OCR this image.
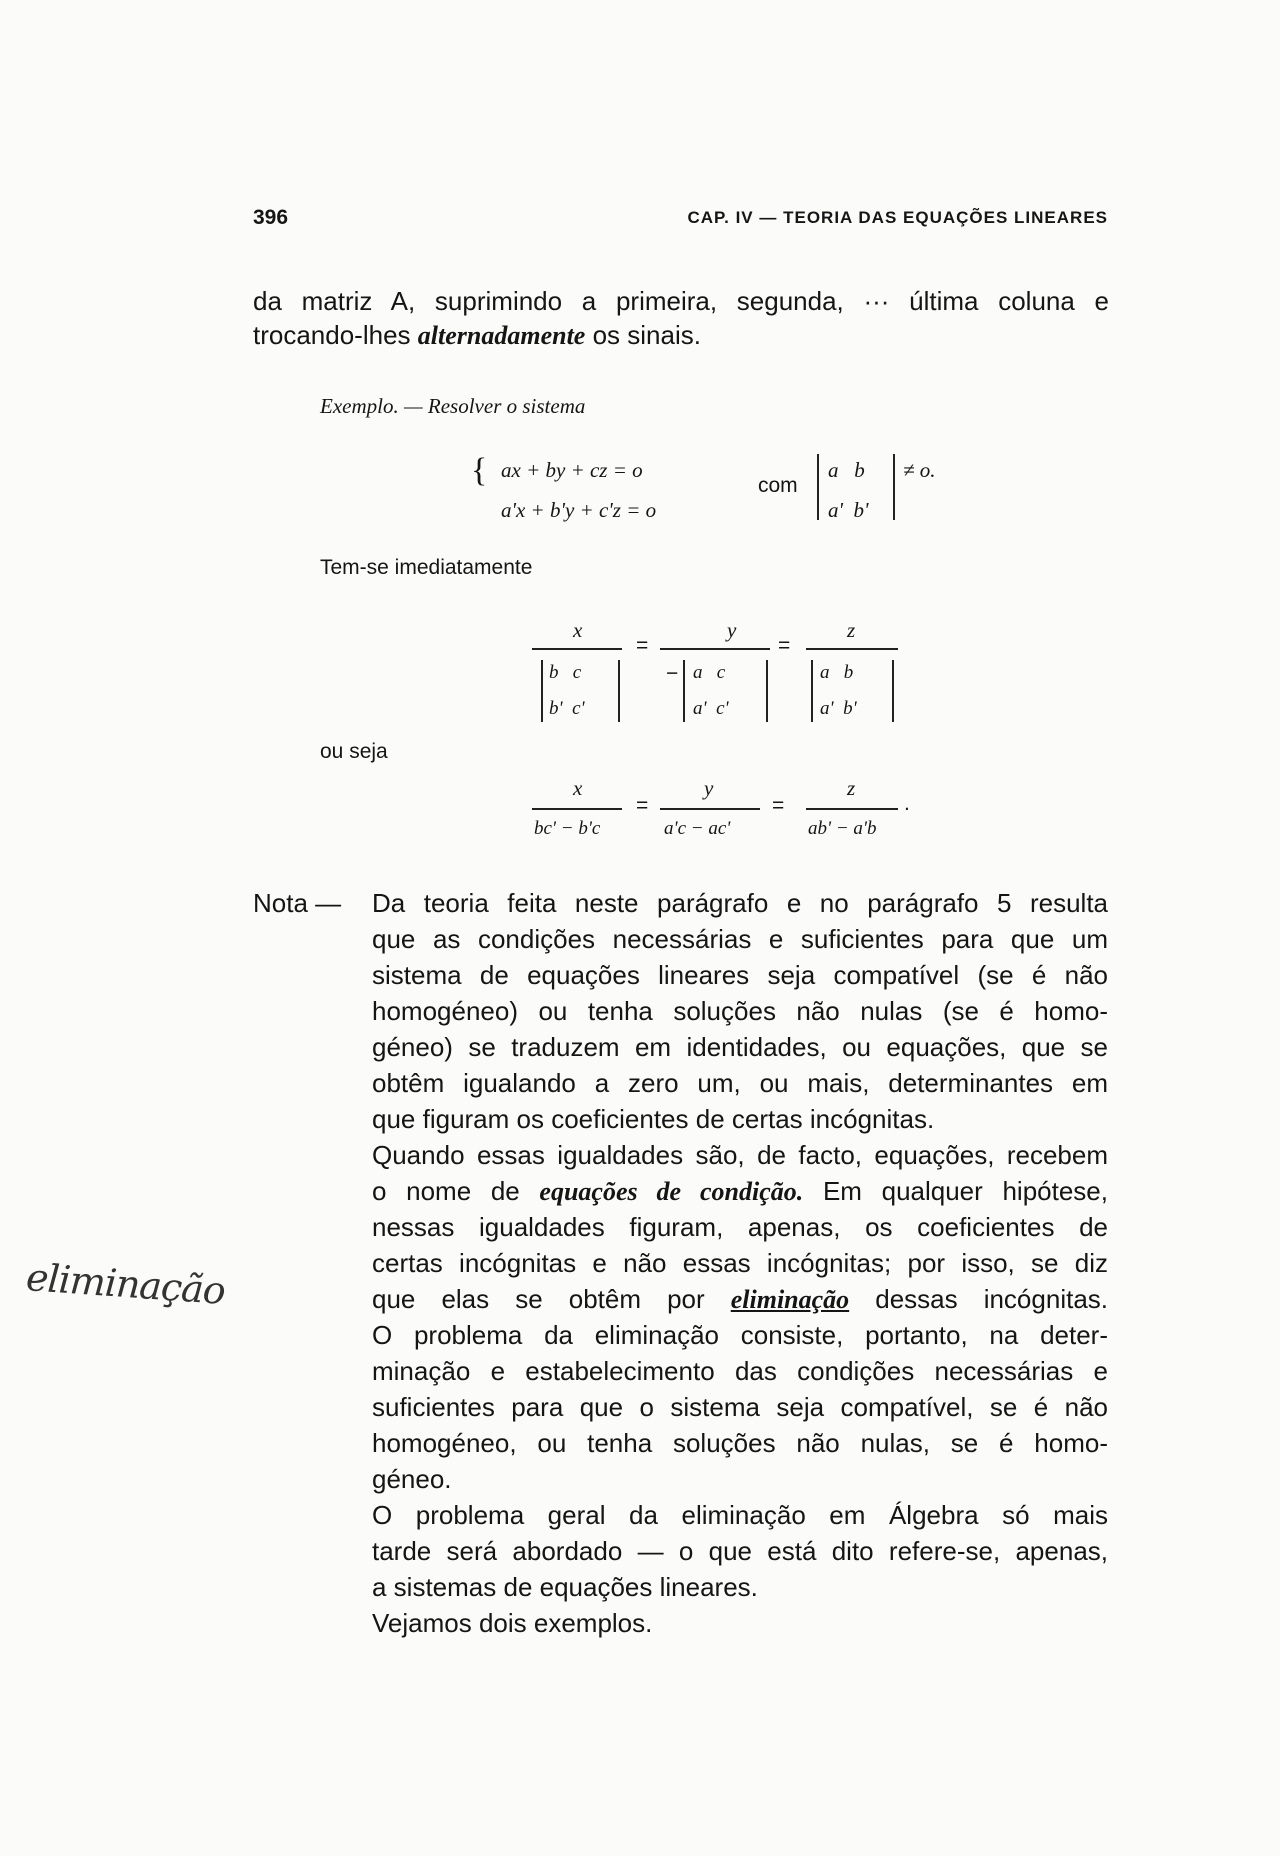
396	CAP. IV — TEORIA DAS EQUAÇÕES LINEARES
da matriz A, suprimindo a primeira, segunda, ··· última coluna e
trocando-lhes alternadamente os sinais.
Exemplo. — Resolver o sistema
{ ax + by + cz = o
a'x + b'y + c'z = o
com
a   b
a'  b'
≠ o.
Tem-se imediatamente
x	y	z
=	=
b   c
b'  c'
− a   c
a'  c'
a   b
a'  b'
ou seja
x	y	z
=	=
bc' − b'c	a'c − ac'	ab' − a'b
.
Nota — Da teoria feita neste parágrafo e no parágrafo 5 resulta
que as condições necessárias e suficientes para que um
sistema de equações lineares seja compatível (se é não
homogéneo) ou tenha soluções não nulas (se é homo-
géneo) se traduzem em identidades, ou equações, que se
obtêm igualando a zero um, ou mais, determinantes em
que figuram os coeficientes de certas incógnitas.
Quando essas igualdades são, de facto, equações, recebem
o nome de equações de condição. Em qualquer hipótese,
nessas igualdades figuram, apenas, os coeficientes de
certas incógnitas e não essas incógnitas; por isso, se diz
que elas se obtêm por eliminação dessas incógnitas.
O problema da eliminação consiste, portanto, na deter-
minação e estabelecimento das condições necessárias e
suficientes para que o sistema seja compatível, se é não
homogéneo, ou tenha soluções não nulas, se é homo-
géneo.
O problema geral da eliminação em Álgebra só mais
tarde será abordado — o que está dito refere-se, apenas,
a sistemas de equações lineares.
Vejamos dois exemplos.
eliminação
